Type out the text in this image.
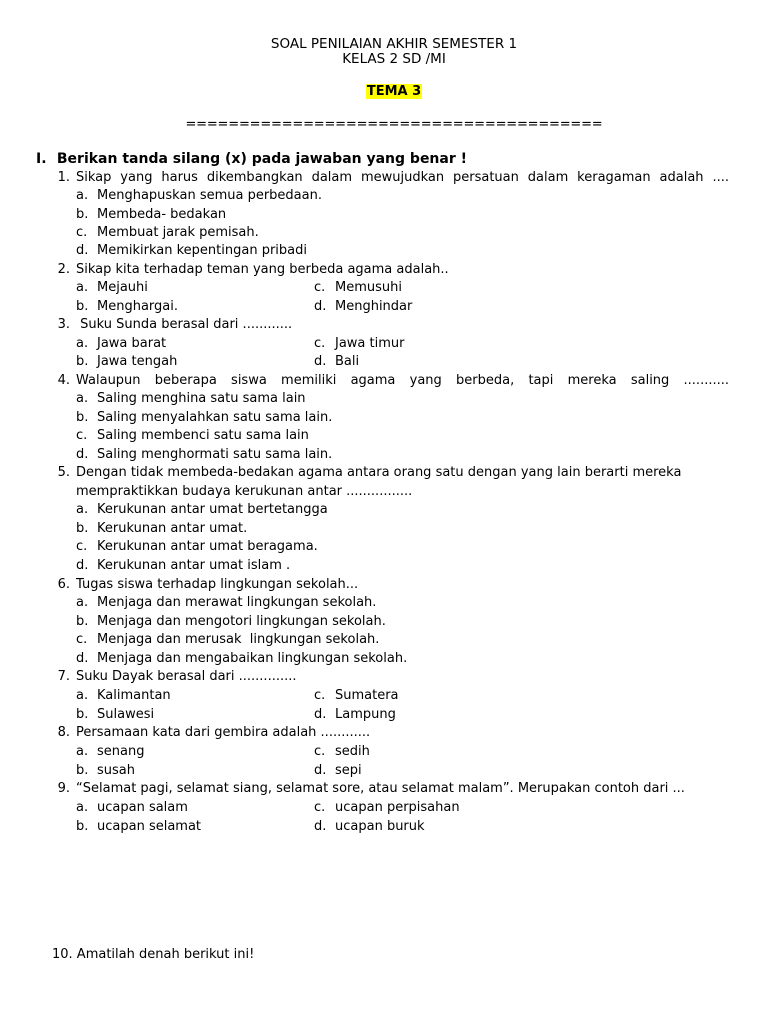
SOAL PENILAIAN AKHIR SEMESTER 1
KELAS 2 SD /MI
TEMA 3
=======================================
I. Berikan tanda silang (x) pada jawaban yang benar !
1. Sikap yang harus dikembangkan dalam mewujudkan persatuan dalam keragaman adalah ....
a. Menghapuskan semua perbedaan.
b. Membeda- bedakan
c. Membuat jarak pemisah.
d. Memikirkan kepentingan pribadi
2. Sikap kita terhadap teman yang berbeda agama adalah..
a. Mejauhi	c. Memusuhi
b. Menghargai.	d. Menghindar
3. Suku Sunda berasal dari ............
a. Jawa barat	c. Jawa timur
b. Jawa tengah	d. Bali
4. Walaupun beberapa siswa memiliki agama yang berbeda, tapi mereka saling ...........
a. Saling menghina satu sama lain
b. Saling menyalahkan satu sama lain.
c. Saling membenci satu sama lain
d. Saling menghormati satu sama lain.
5. Dengan tidak membeda-bedakan agama antara orang satu dengan yang lain berarti mereka
mempraktikkan budaya kerukunan antar ................
a. Kerukunan antar umat bertetangga
b. Kerukunan antar umat.
c. Kerukunan antar umat beragama.
d. Kerukunan antar umat islam .
6. Tugas siswa terhadap lingkungan sekolah...
a. Menjaga dan merawat lingkungan sekolah.
b. Menjaga dan mengotori lingkungan sekolah.
c. Menjaga dan merusak  lingkungan sekolah.
d. Menjaga dan mengabaikan lingkungan sekolah.
7. Suku Dayak berasal dari ..............
a. Kalimantan	c. Sumatera
b. Sulawesi	d. Lampung
8. Persamaan kata dari gembira adalah ............
a. senang	c. sedih
b. susah	d. sepi
9. “Selamat pagi, selamat siang, selamat sore, atau selamat malam”. Merupakan contoh dari ...
a. ucapan salam	c. ucapan perpisahan
b. ucapan selamat	d. ucapan buruk
10. Amatilah denah berikut ini!
